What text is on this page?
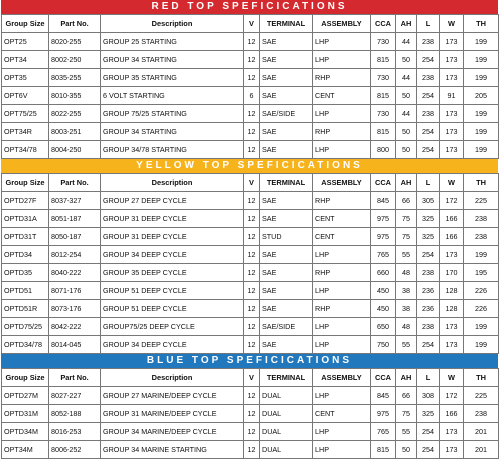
RED TOP SPEFICICATIONS
Group Size	Part No.	Description	V	TERMINAL	ASSEMBLY	CCA	AH	L	W	TH
OPT25	8020-255	GROUP 25 STARTING	12	SAE	LHP	730	44	238	173	199
OPT34	8002-250	GROUP 34 STARTING	12	SAE	LHP	815	50	254	173	199
OPT35	8035-255	GROUP 35 STARTING	12	SAE	RHP	730	44	238	173	199
OPT6V	8010-355	6 VOLT STARTING	6	SAE	CENT	815	50	254	91	205
OPT75/25	8022-255	GROUP 75/25 STARTING	12	SAE/SIDE	LHP	730	44	238	173	199
OPT34R	8003-251	GROUP 34 STARTING	12	SAE	RHP	815	50	254	173	199
OPT34/78	8004-250	GROUP 34/78 STARTING	12	SAE	LHP	800	50	254	173	199
YELLOW TOP SPEFICICATIONS
Group Size	Part No.	Description	V	TERMINAL	ASSEMBLY	CCA	AH	L	W	TH
OPTD27F	8037-327	GROUP 27 DEEP CYCLE	12	SAE	RHP	845	66	305	172	225
OPTD31A	8051-187	GROUP 31 DEEP CYCLE	12	SAE	CENT	975	75	325	166	238
OPTD31T	8050-187	GROUP 31 DEEP CYCLE	12	STUD	CENT	975	75	325	166	238
OPTD34	8012-254	GROUP 34 DEEP CYCLE	12	SAE	LHP	765	55	254	173	199
OPTD35	8040-222	GROUP 35 DEEP CYCLE	12	SAE	RHP	660	48	238	170	195
OPTD51	8071-176	GROUP 51 DEEP CYCLE	12	SAE	LHP	450	38	236	128	226
OPTD51R	8073-176	GROUP 51 DEEP CYCLE	12	SAE	RHP	450	38	236	128	226
OPTD75/25	8042-222	GROUP75/25 DEEP CYCLE	12	SAE/SIDE	LHP	650	48	238	173	199
OPTD34/78	8014-045	GROUP 34 DEEP CYCLE	12	SAE	LHP	750	55	254	173	199
BLUE TOP SPEFICICATIONS
Group Size	Part No.	Description	V	TERMINAL	ASSEMBLY	CCA	AH	L	W	TH
OPTD27M	8027-227	GROUP 27 MARINE/DEEP CYCLE	12	DUAL	LHP	845	66	308	172	225
OPTD31M	8052-188	GROUP 31 MARINE/DEEP CYCLE	12	DUAL	CENT	975	75	325	166	238
OPTD34M	8016-253	GROUP 34 MARINE/DEEP CYCLE	12	DUAL	LHP	765	55	254	173	201
OPT34M	8006-252	GROUP 34 MARINE STARTING	12	DUAL	LHP	815	50	254	173	201
